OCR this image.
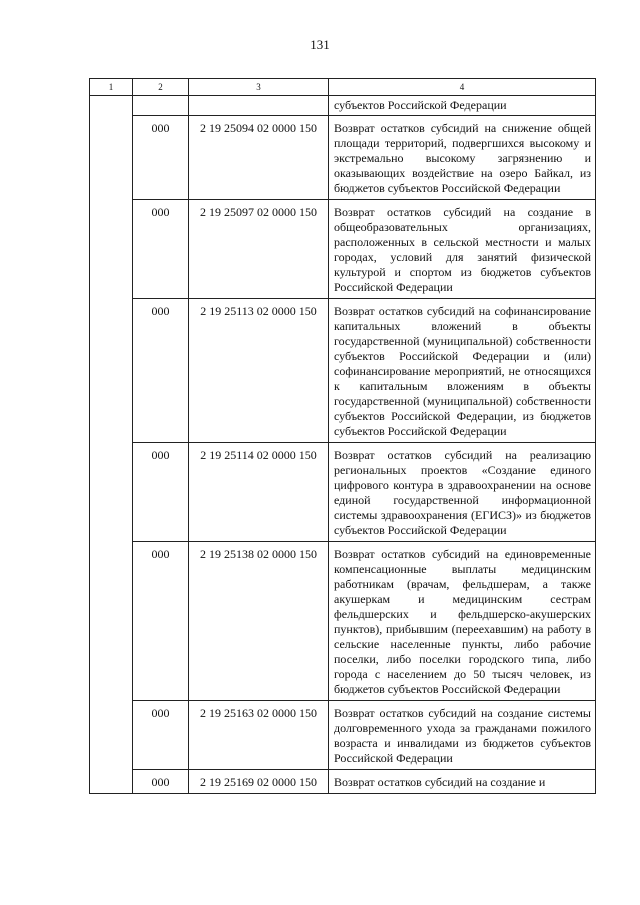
131
1	2	3	4
			субъектов Российской Федерации
	000	2 19 25094 02 0000 150	Возврат остатков субсидий на снижение общей площади территорий, подвергшихся высокому и экстремально высокому загрязнению и оказывающих воздействие на озеро Байкал, из бюджетов субъектов Российской Федерации
	000	2 19 25097 02 0000 150	Возврат остатков субсидий на создание в общеобразовательных организациях, расположенных в сельской местности и малых городах, условий для занятий физической культурой и спортом из бюджетов субъектов Российской Федерации
	000	2 19 25113 02 0000 150	Возврат остатков субсидий на софинансирование капитальных вложений в объекты государственной (муниципальной) собственности субъектов Российской Федерации и (или) софинансирование мероприятий, не относящихся к капитальным вложениям в объекты государственной (муниципальной) собственности субъектов Российской Федерации, из бюджетов субъектов Российской Федерации
	000	2 19 25114 02 0000 150	Возврат остатков субсидий на реализацию региональных проектов «Создание единого цифрового контура в здравоохранении на основе единой государственной информационной системы здравоохранения (ЕГИСЗ)» из бюджетов субъектов Российской Федерации
	000	2 19 25138 02 0000 150	Возврат остатков субсидий на единовременные компенсационные выплаты медицинским работникам (врачам, фельдшерам, а также акушеркам и медицинским сестрам фельдшерских и фельдшерско-акушерских пунктов), прибывшим (переехавшим) на работу в сельские населенные пункты, либо рабочие поселки, либо поселки городского типа, либо города с населением до 50 тысяч человек, из бюджетов субъектов Российской Федерации
	000	2 19 25163 02 0000 150	Возврат остатков субсидий на создание системы долговременного ухода за гражданами пожилого возраста и инвалидами из бюджетов субъектов Российской Федерации
	000	2 19 25169 02 0000 150	Возврат остатков субсидий на создание и
